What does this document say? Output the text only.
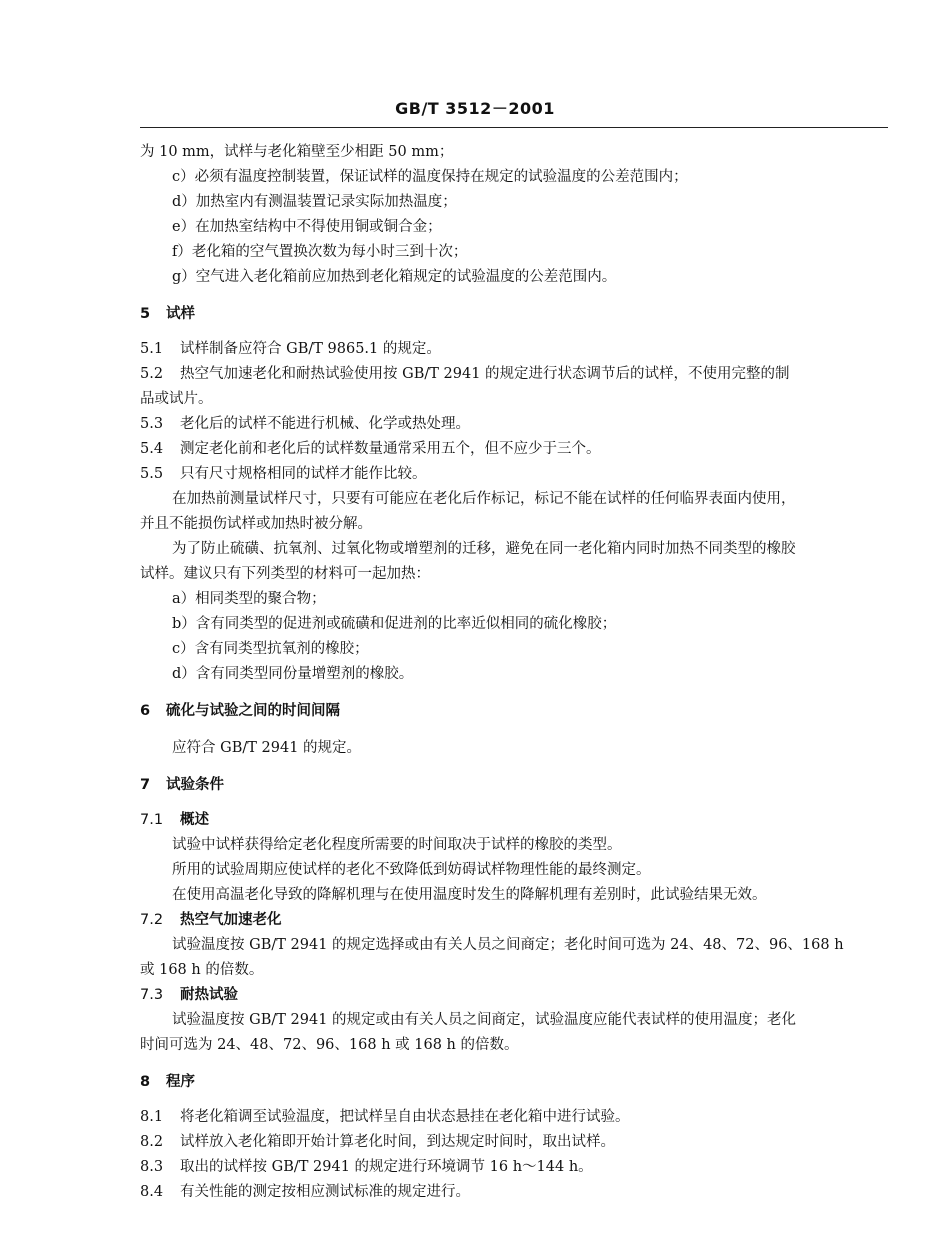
GB/T 3512－2001
为 10 mm，试样与老化箱壁至少相距 50 mm；
c）必须有温度控制装置，保证试样的温度保持在规定的试验温度的公差范围内；
d）加热室内有测温装置记录实际加热温度；
e）在加热室结构中不得使用铜或铜合金；
f）老化箱的空气置换次数为每小时三到十次；
g）空气进入老化箱前应加热到老化箱规定的试验温度的公差范围内。
5 试样
5.1 试样制备应符合 GB/T 9865.1 的规定。
5.2 热空气加速老化和耐热试验使用按 GB/T 2941 的规定进行状态调节后的试样，不使用完整的制
品或试片。
5.3 老化后的试样不能进行机械、化学或热处理。
5.4 测定老化前和老化后的试样数量通常采用五个，但不应少于三个。
5.5 只有尺寸规格相同的试样才能作比较。
在加热前测量试样尺寸，只要有可能应在老化后作标记，标记不能在试样的任何临界表面内使用，
并且不能损伤试样或加热时被分解。
为了防止硫磺、抗氧剂、过氧化物或增塑剂的迁移，避免在同一老化箱内同时加热不同类型的橡胶
试样。建议只有下列类型的材料可一起加热：
a）相同类型的聚合物；
b）含有同类型的促进剂或硫磺和促进剂的比率近似相同的硫化橡胶；
c）含有同类型抗氧剂的橡胶；
d）含有同类型同份量增塑剂的橡胶。
6 硫化与试验之间的时间间隔
应符合 GB/T 2941 的规定。
7 试验条件
7.1 概述
试验中试样获得给定老化程度所需要的时间取决于试样的橡胶的类型。
所用的试验周期应使试样的老化不致降低到妨碍试样物理性能的最终测定。
在使用高温老化导致的降解机理与在使用温度时发生的降解机理有差别时，此试验结果无效。
7.2 热空气加速老化
试验温度按 GB/T 2941 的规定选择或由有关人员之间商定；老化时间可选为 24、48、72、96、168 h
或 168 h 的倍数。
7.3 耐热试验
试验温度按 GB/T 2941 的规定或由有关人员之间商定，试验温度应能代表试样的使用温度；老化
时间可选为 24、48、72、96、168 h 或 168 h 的倍数。
8 程序
8.1 将老化箱调至试验温度，把试样呈自由状态悬挂在老化箱中进行试验。
8.2 试样放入老化箱即开始计算老化时间，到达规定时间时，取出试样。
8.3 取出的试样按 GB/T 2941 的规定进行环境调节 16 h～144 h。
8.4 有关性能的测定按相应测试标准的规定进行。
